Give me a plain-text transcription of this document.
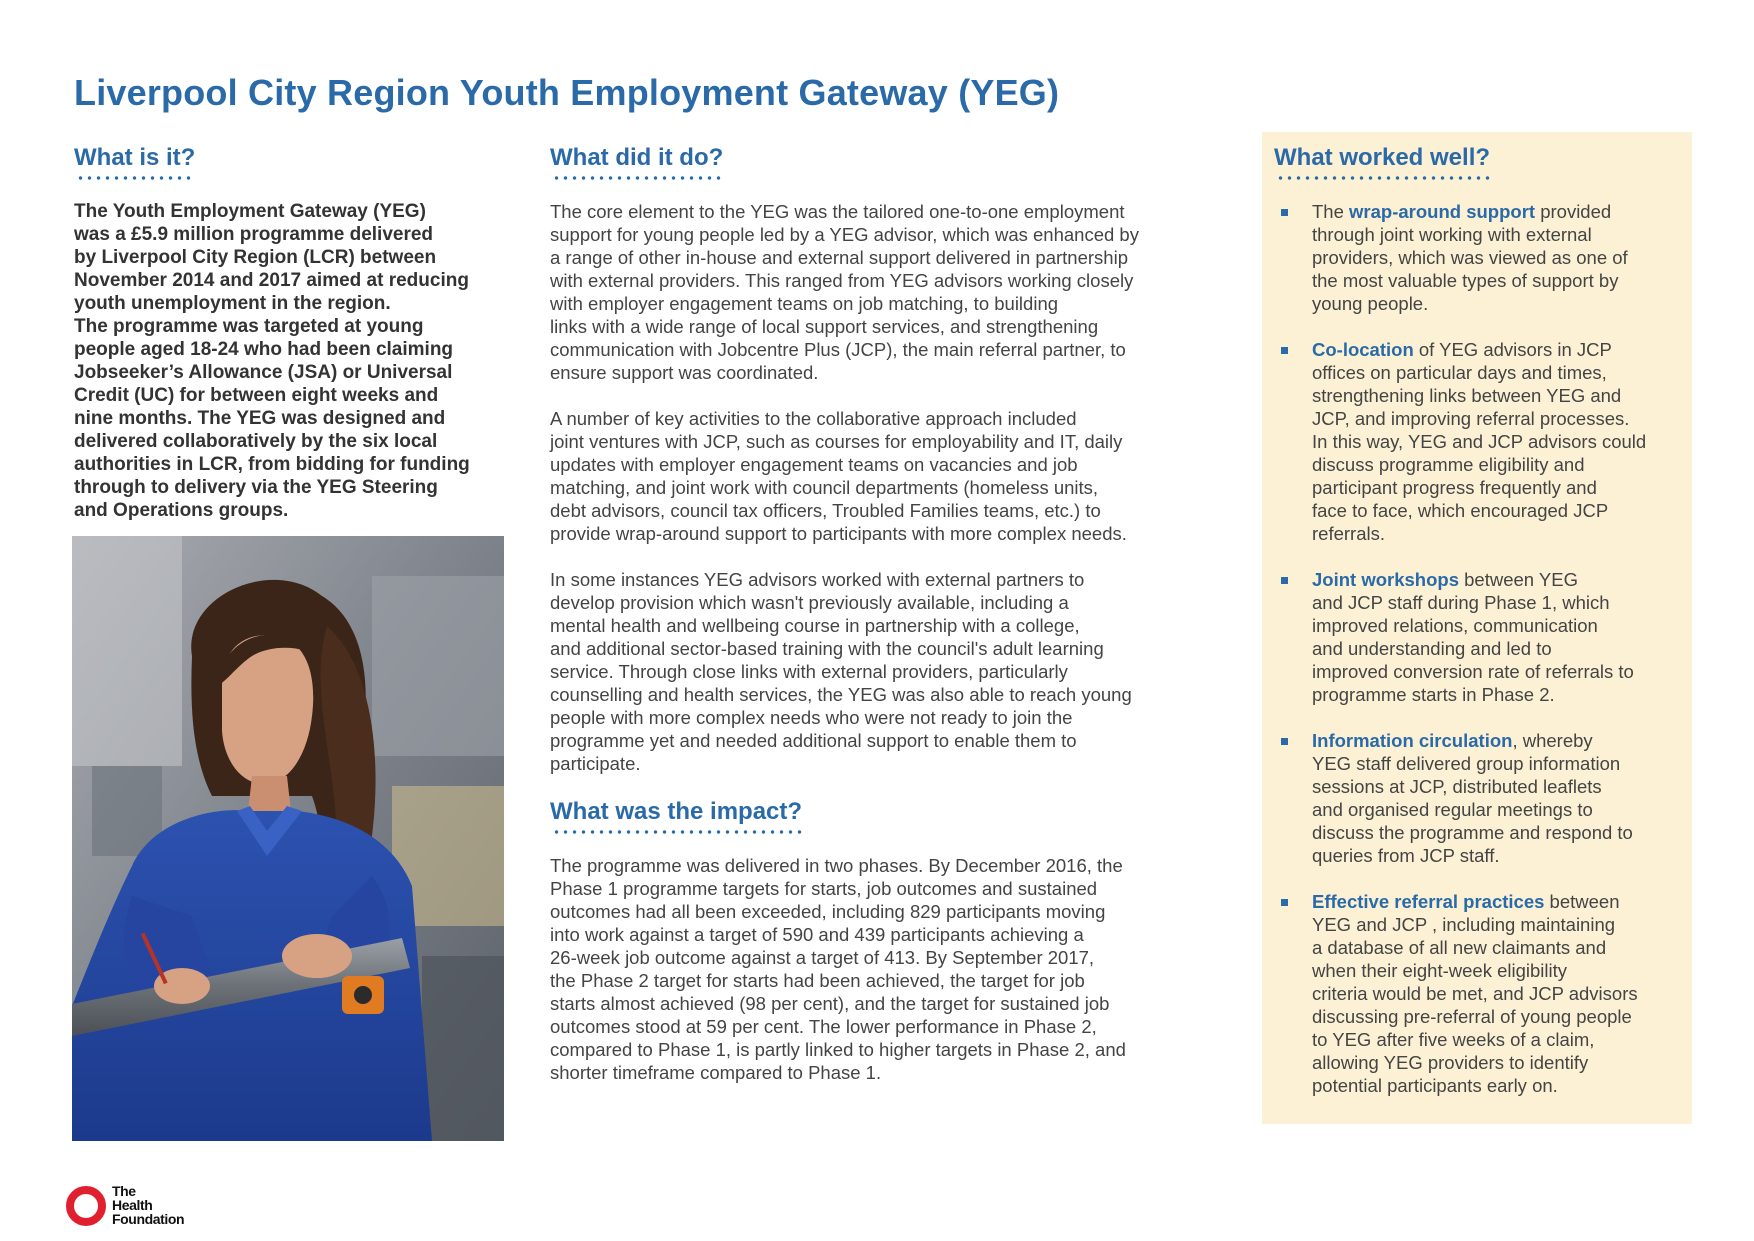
Liverpool City Region Youth Employment Gateway (YEG)
What is it?

The Youth Employment Gateway (YEG)

was a £5.9 million programme delivered

by Liverpool City Region (LCR) between

November 2014 and 2017 aimed at reducing

youth unemployment in the region.

The programme was targeted at young

people aged 18-24 who had been claiming

Jobseeker’s Allowance (JSA) or Universal

Credit (UC) for between eight weeks and

nine months. The YEG was designed and

delivered collaboratively by the six local

authorities in LCR, from bidding for funding

through to delivery via the YEG Steering

and Operations groups.

What did it do?

The core element to the YEG was the tailored one-to-one employment
support for young people led by a YEG advisor, which was enhanced by
a range of other in-house and external support delivered in partnership
with external providers. This ranged from YEG advisors working closely
with employer engagement teams on job matching, to building
links with a wide range of local support services, and strengthening
communication with Jobcentre Plus (JCP), the main referral partner, to
ensure support was coordinated.

A number of key activities to the collaborative approach included
joint ventures with JCP, such as courses for employability and IT, daily
updates with employer engagement teams on vacancies and job
matching, and joint work with council departments (homeless units,
debt advisors, council tax officers, Troubled Families teams, etc.) to
provide wrap-around support to participants with more complex needs.

In some instances YEG advisors worked with external partners to
develop provision which wasn't previously available, including a
mental health and wellbeing course in partnership with a college,
and additional sector-based training with the council's adult learning
service. Through close links with external providers, particularly
counselling and health services, the YEG was also able to reach young
people with more complex needs who were not ready to join the
programme yet and needed additional support to enable them to
participate.

What was the impact?

The programme was delivered in two phases. By December 2016, the
Phase 1 programme targets for starts, job outcomes and sustained
outcomes had all been exceeded, including 829 participants moving
into work against a target of 590 and 439 participants achieving a
26-week job outcome against a target of 413. By September 2017,
the Phase 2 target for starts had been achieved, the target for job
starts almost achieved (98 per cent), and the target for sustained job
outcomes stood at 59 per cent. The lower performance in Phase 2,
compared to Phase 1, is partly linked to higher targets in Phase 2, and
shorter timeframe compared to Phase 1.

What worked well?
The wrap-around support provided
through joint working with external
providers, which was viewed as one of
the most valuable types of support by
young people.
Co-location of YEG advisors in JCP
offices on particular days and times,
strengthening links between YEG and
JCP, and improving referral processes.
In this way, YEG and JCP advisors could
discuss programme eligibility and
participant progress frequently and
face to face, which encouraged JCP
referrals.
Joint workshops between YEG
and JCP staff during Phase 1, which
improved relations, communication
and understanding and led to
improved conversion rate of referrals to
programme starts in Phase 2.
Information circulation, whereby
YEG staff delivered group information
sessions at JCP, distributed leaflets
and organised regular meetings to
discuss the programme and respond to
queries from JCP staff.
Effective referral practices between
YEG and JCP , including maintaining
a database of all new claimants and
when their eight-week eligibility
criteria would be met, and JCP advisors
discussing pre-referral of young people
to YEG after five weeks of a claim,
allowing YEG providers to identify
potential participants early on.
The
Health
Foundation
